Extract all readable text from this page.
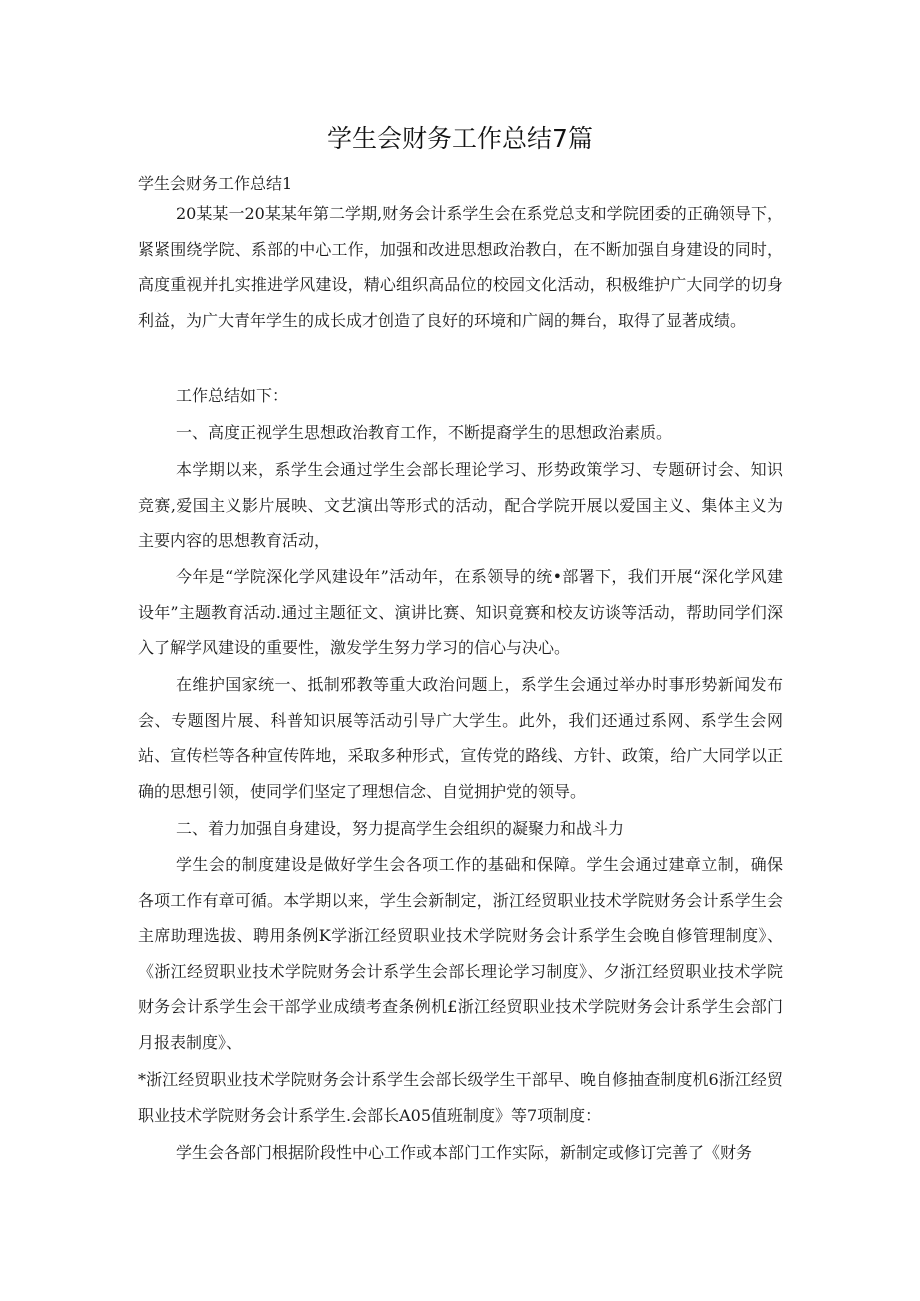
学生会财务工作总结7篇
学生会财务工作总结1

20某某一20某某年第二学期,财务会计系学生会在系党总支和学院团委的正确领导下，紧紧围绕学院、系部的中心工作，加强和改进思想政治教白，在不断加强自身建设的同时，高度重视并扎实推进学风建设，精心组织高品位的校园文化活动，积极维护广大同学的切身利益，为广大青年学生的成长成才创造了良好的环境和广阔的舞台，取得了显著成绩。

工作总结如下：

一、高度正视学生思想政治教育工作，不断提裔学生的思想政治素质。

本学期以来，系学生会通过学生会部长理论学习、形势政策学习、专题研讨会、知识竞赛,爱国主义影片展映、文艺演出等形式的活动，配合学院开展以爱国主义、集体主义为主要内容的思想教育活动，

今年是“学院深化学风建设年”活动年，在系领导的统•部署下，我们开展“深化学风建设年”主题教育活动.通过主题征文、演讲比赛、知识竟赛和校友访谈等活动，帮助同学们深入了解学风建设的重要性，激发学生努力学习的信心与决心。

在维护国家统一、抵制邪教等重大政治问题上，系学生会通过举办时事形势新闻发布会、专题图片展、科普知识展等活动引导广大学生。此外，我们还通过系网、系学生会网站、宣传栏等各种宣传阵地，采取多种形式，宣传党的路线、方针、政策，给广大同学以正确的思想引领，使同学们坚定了理想信念、自觉拥护党的领导。

二、着力加强自身建设，努力提高学生会组织的凝聚力和战斗力

学生会的制度建设是做好学生会各项工作的基础和保障。学生会通过建章立制，确保各项工作有章可循。本学期以来，学生会新制定，浙江经贸职业技术学院财务会计系学生会主席助理选拔、聘用条例K学浙江经贸职业技术学院财务会计系学生会晚自修管理制度》、《浙江经贸职业技术学院财务会计系学生会部长理论学习制度》、夕浙江经贸职业技术学院财务会计系学生会干部学业成绩考查条例机£浙江经贸职业技术学院财务会计系学生会部门月报表制度》、

*浙江经贸职业技术学院财务会计系学生会部长级学生干部早、晚自修抽查制度机6浙江经贸职业技术学院财务会计系学生.会部长A05值班制度》等7项制度：

学生会各部门根据阶段性中心工作或本部门工作实际，新制定或修订完善了《财务
